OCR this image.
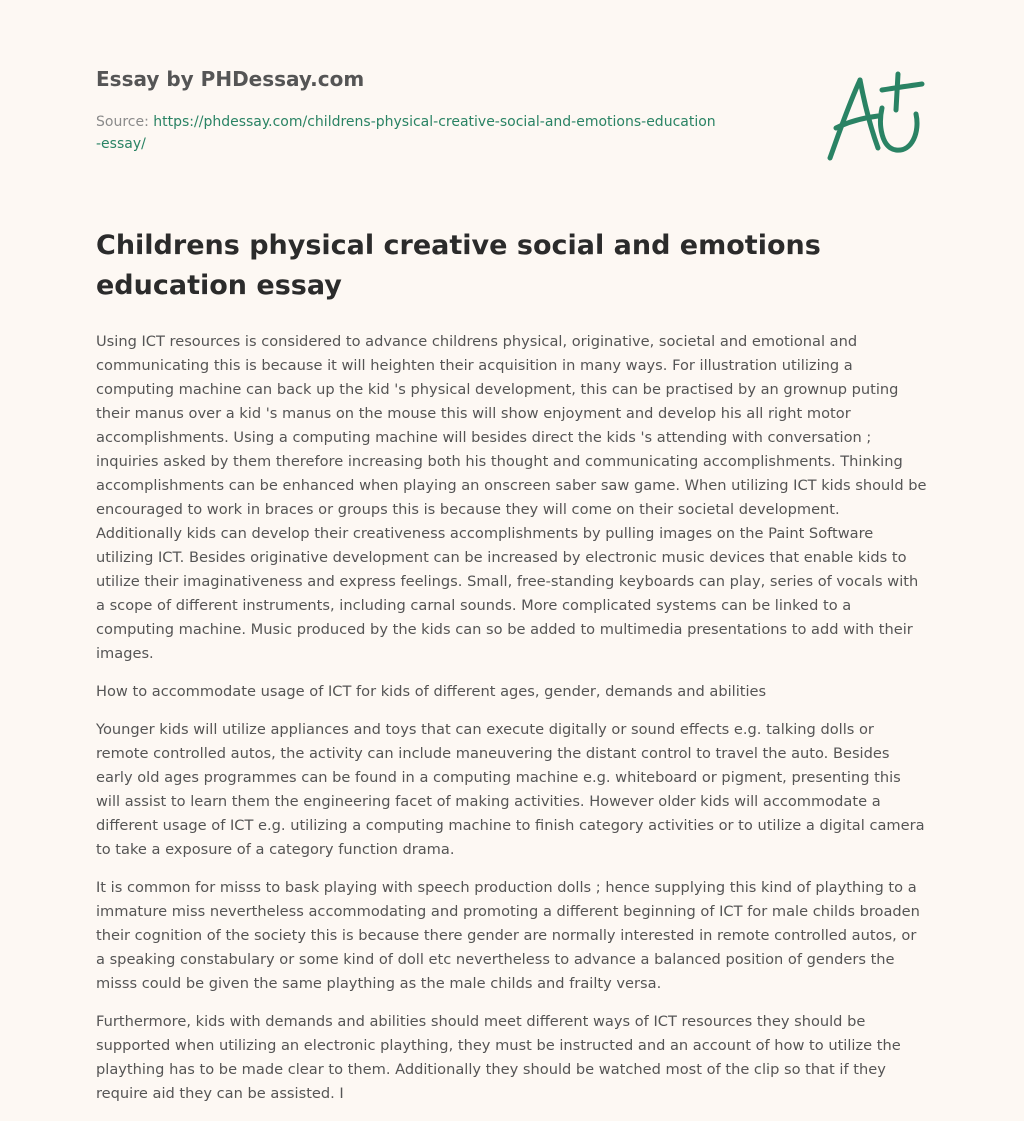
Essay by PHDessay.com
Source: https://phdessay.com/childrens-physical-creative-social-and-emotions-education-essay/
Childrens physical creative social and emotions education essay

Using ICT resources is considered to advance childrens physical, originative, societal and emotional and communicating this is because it will heighten their acquisition in many ways. For illustration utilizing a computing machine can back up the kid 's physical development, this can be practised by an grownup puting their manus over a kid 's manus on the mouse this will show enjoyment and develop his all right motor accomplishments. Using a computing machine will besides direct the kids 's attending with conversation ; inquiries asked by them therefore increasing both his thought and communicating accomplishments. Thinking accomplishments can be enhanced when playing an onscreen saber saw game. When utilizing ICT kids should be encouraged to work in braces or groups this is because they will come on their societal development. Additionally kids can develop their creativeness accomplishments by pulling images on the Paint Software utilizing ICT. Besides originative development can be increased by electronic music devices that enable kids to utilize their imaginativeness and express feelings. Small, free-standing keyboards can play, series of vocals with a scope of different instruments, including carnal sounds. More complicated systems can be linked to a computing machine. Music produced by the kids can so be added to multimedia presentations to add with their images.

How to accommodate usage of ICT for kids of different ages, gender, demands and abilities

Younger kids will utilize appliances and toys that can execute digitally or sound effects e.g. talking dolls or remote controlled autos, the activity can include maneuvering the distant control to travel the auto. Besides early old ages programmes can be found in a computing machine e.g. whiteboard or pigment, presenting this will assist to learn them the engineering facet of making activities. However older kids will accommodate a different usage of ICT e.g. utilizing a computing machine to finish category activities or to utilize a digital camera to take a exposure of a category function drama.

It is common for misss to bask playing with speech production dolls ; hence supplying this kind of plaything to a immature miss nevertheless accommodating and promoting a different beginning of ICT for male childs broaden their cognition of the society this is because there gender are normally interested in remote controlled autos, or a speaking constabulary or some kind of doll etc nevertheless to advance a balanced position of genders the misss could be given the same plaything as the male childs and frailty versa.

Furthermore, kids with demands and abilities should meet different ways of ICT resources they should be supported when utilizing an electronic plaything, they must be instructed and an account of how to utilize the plaything has to be made clear to them. Additionally they should be watched most of the clip so that if they require aid they can be assisted. I
